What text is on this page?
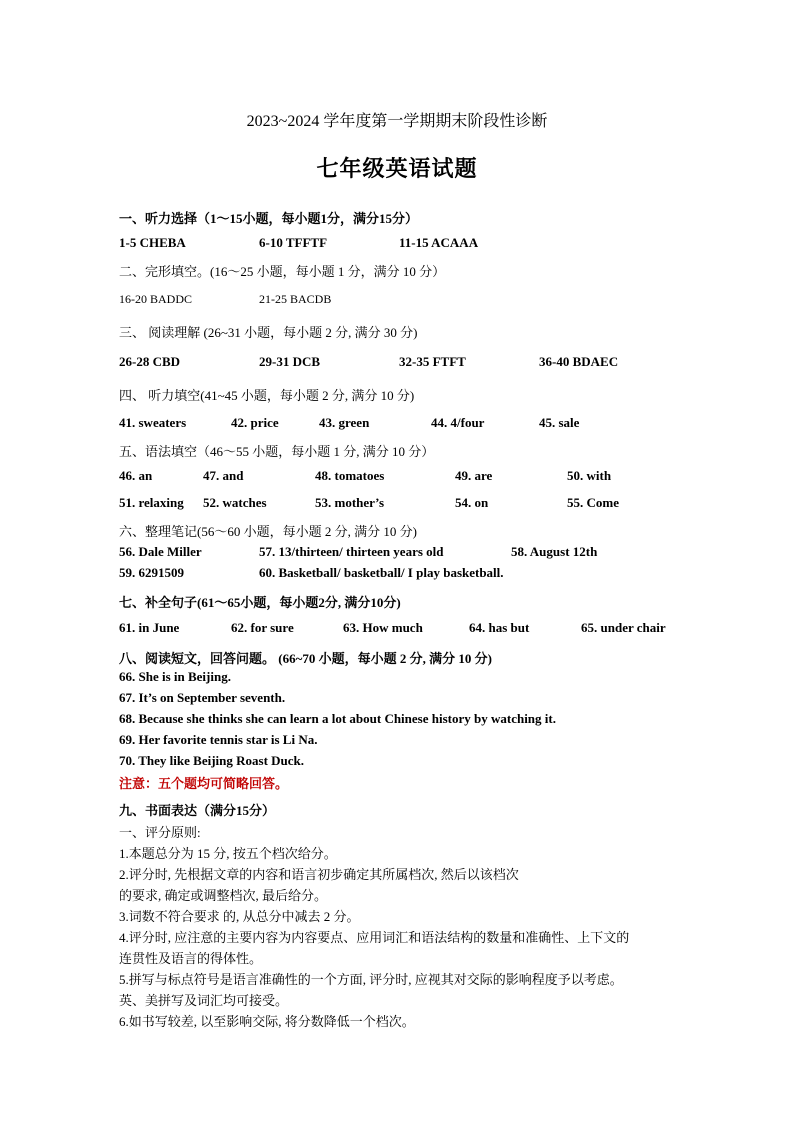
2023~2024 学年度第一学期期末阶段性诊断
七年级英语试题
一、听力选择（1～15小题，每小题1分，满分15分）
1-5 CHEBA	6-10 TFFTF	11-15 ACAAA
二、完形填空。(16～25 小题，每小题 1 分，满分 10 分）
16-20 BADDC	21-25 BACDB
三、 阅读理解 (26~31 小题，每小题 2 分, 满分 30 分)
26-28 CBD	29-31 DCB	32-35 FTFT	36-40 BDAEC
四、 听力填空(41~45 小题，每小题 2 分, 满分 10 分)
41. sweaters	42. price	43. green	44. 4/four	45. sale
五、语法填空（46～55 小题，每小题 1 分, 满分 10 分）
46. an	47. and	48. tomatoes	49. are	50. with
51. relaxing 52. watches	53. mother’s	54. on	55. Come
六、整理笔记(56～60 小题，每小题 2 分, 满分 10 分)
56. Dale Miller	57. 13/thirteen/ thirteen years old	58. August 12th
59. 6291509	60. Basketball/ basketball/ I play basketball.
七、补全句子(61～65小题，每小题2分, 满分10分)
61. in June	62. for sure	63. How much	64. has but	65. under chair
八、阅读短文，回答问题。 (66~70 小题，每小题 2 分, 满分 10 分)
66. She is in Beijing.
67. It’s on September seventh.
68. Because she thinks she can learn a lot about Chinese history by watching it.
69. Her favorite tennis star is Li Na.
70. They like Beijing Roast Duck.
注意：五个题均可简略回答。
九、书面表达（满分15分）
一、评分原则:
1.本题总分为 15 分, 按五个档次给分。
2.评分时, 先根据文章的内容和语言初步确定其所属档次, 然后以该档次
的要求, 确定或调整档次, 最后给分。
3.词数不符合要求 的, 从总分中减去 2 分。
4.评分时, 应注意的主要内容为内容要点、应用词汇和语法结构的数量和准确性、上下文的
连贯性及语言的得体性。
5.拼写与标点符号是语言准确性的一个方面, 评分时, 应视其对交际的影响程度予以考虑。
英、美拼写及词汇均可接受。
6.如书写较差, 以至影响交际, 将分数降低一个档次。
